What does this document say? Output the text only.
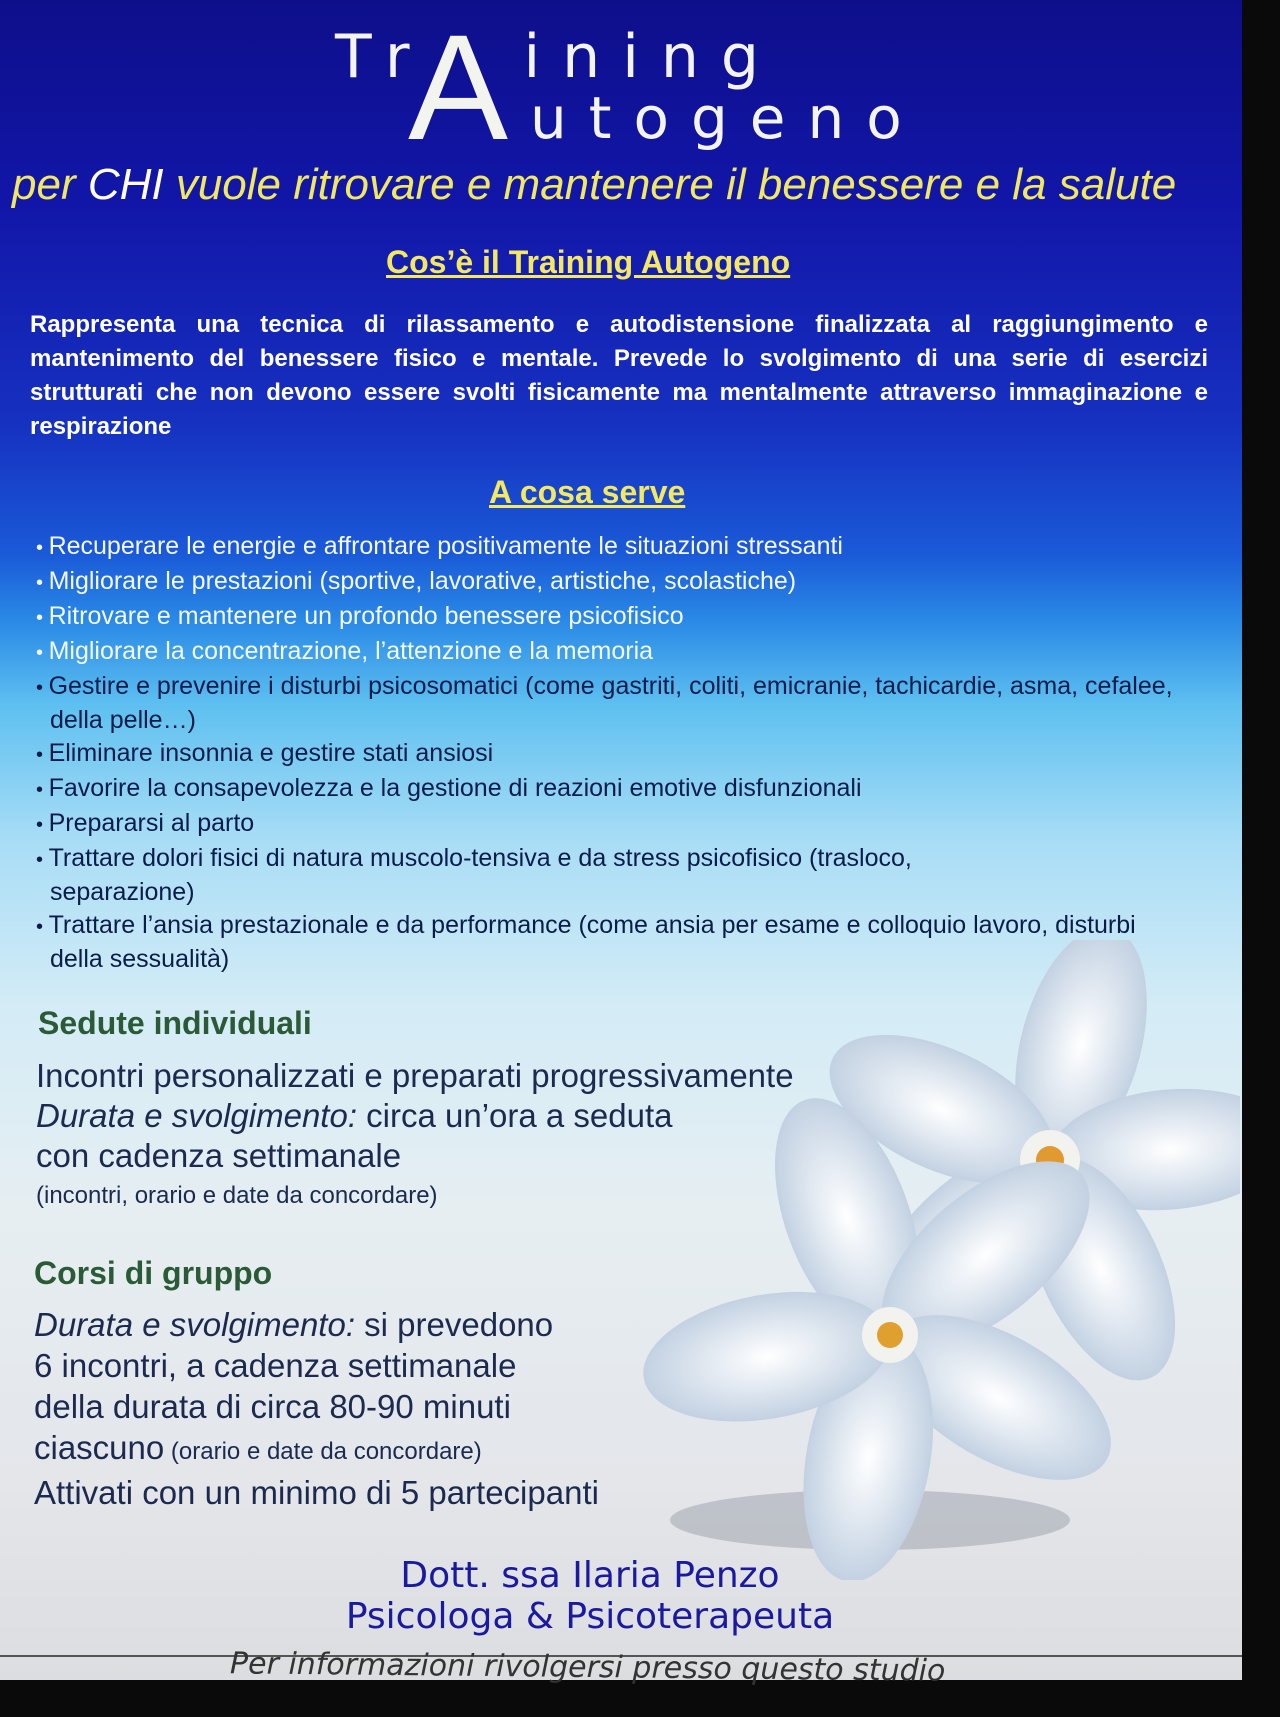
Tr ining
A utogeno
per CHI vuole ritrovare e mantenere il benessere e la salute
Cos’è il Training Autogeno
Rappresenta una tecnica di rilassamento e autodistensione finalizzata al raggiungimento e mantenimento del benessere fisico e mentale. Prevede lo svolgimento di una serie di esercizi strutturati che non devono essere svolti fisicamente ma mentalmente attraverso immaginazione e respirazione
A cosa serve
• Recuperare le energie e affrontare positivamente le situazioni stressanti
• Migliorare le prestazioni (sportive, lavorative, artistiche, scolastiche)
• Ritrovare e mantenere un profondo benessere psicofisico
• Migliorare la concentrazione, l’attenzione e la memoria
• Gestire e prevenire i disturbi psicosomatici (come gastriti, coliti, emicranie, tachicardie, asma, cefalee, della pelle…)
• Eliminare insonnia e gestire stati ansiosi
• Favorire la consapevolezza e la gestione di reazioni emotive disfunzionali
• Prepararsi al parto
• Trattare dolori fisici di natura muscolo-tensiva e da stress psicofisico (trasloco, separazione)
• Trattare l’ansia prestazionale e da performance (come ansia per esame e colloquio lavoro, disturbi della sessualità)
Sedute individuali
Incontri personalizzati e preparati progressivamente
Durata e svolgimento: circa un’ora a seduta
con cadenza settimanale
(incontri, orario e date da concordare)
Corsi di gruppo
Durata e svolgimento: si prevedono
6 incontri, a cadenza settimanale
della durata di circa 80-90 minuti
ciascuno (orario e date da concordare)
Attivati con un minimo di 5 partecipanti
Dott. ssa Ilaria Penzo
Psicologa & Psicoterapeuta
Per informazioni rivolgersi presso questo studio
